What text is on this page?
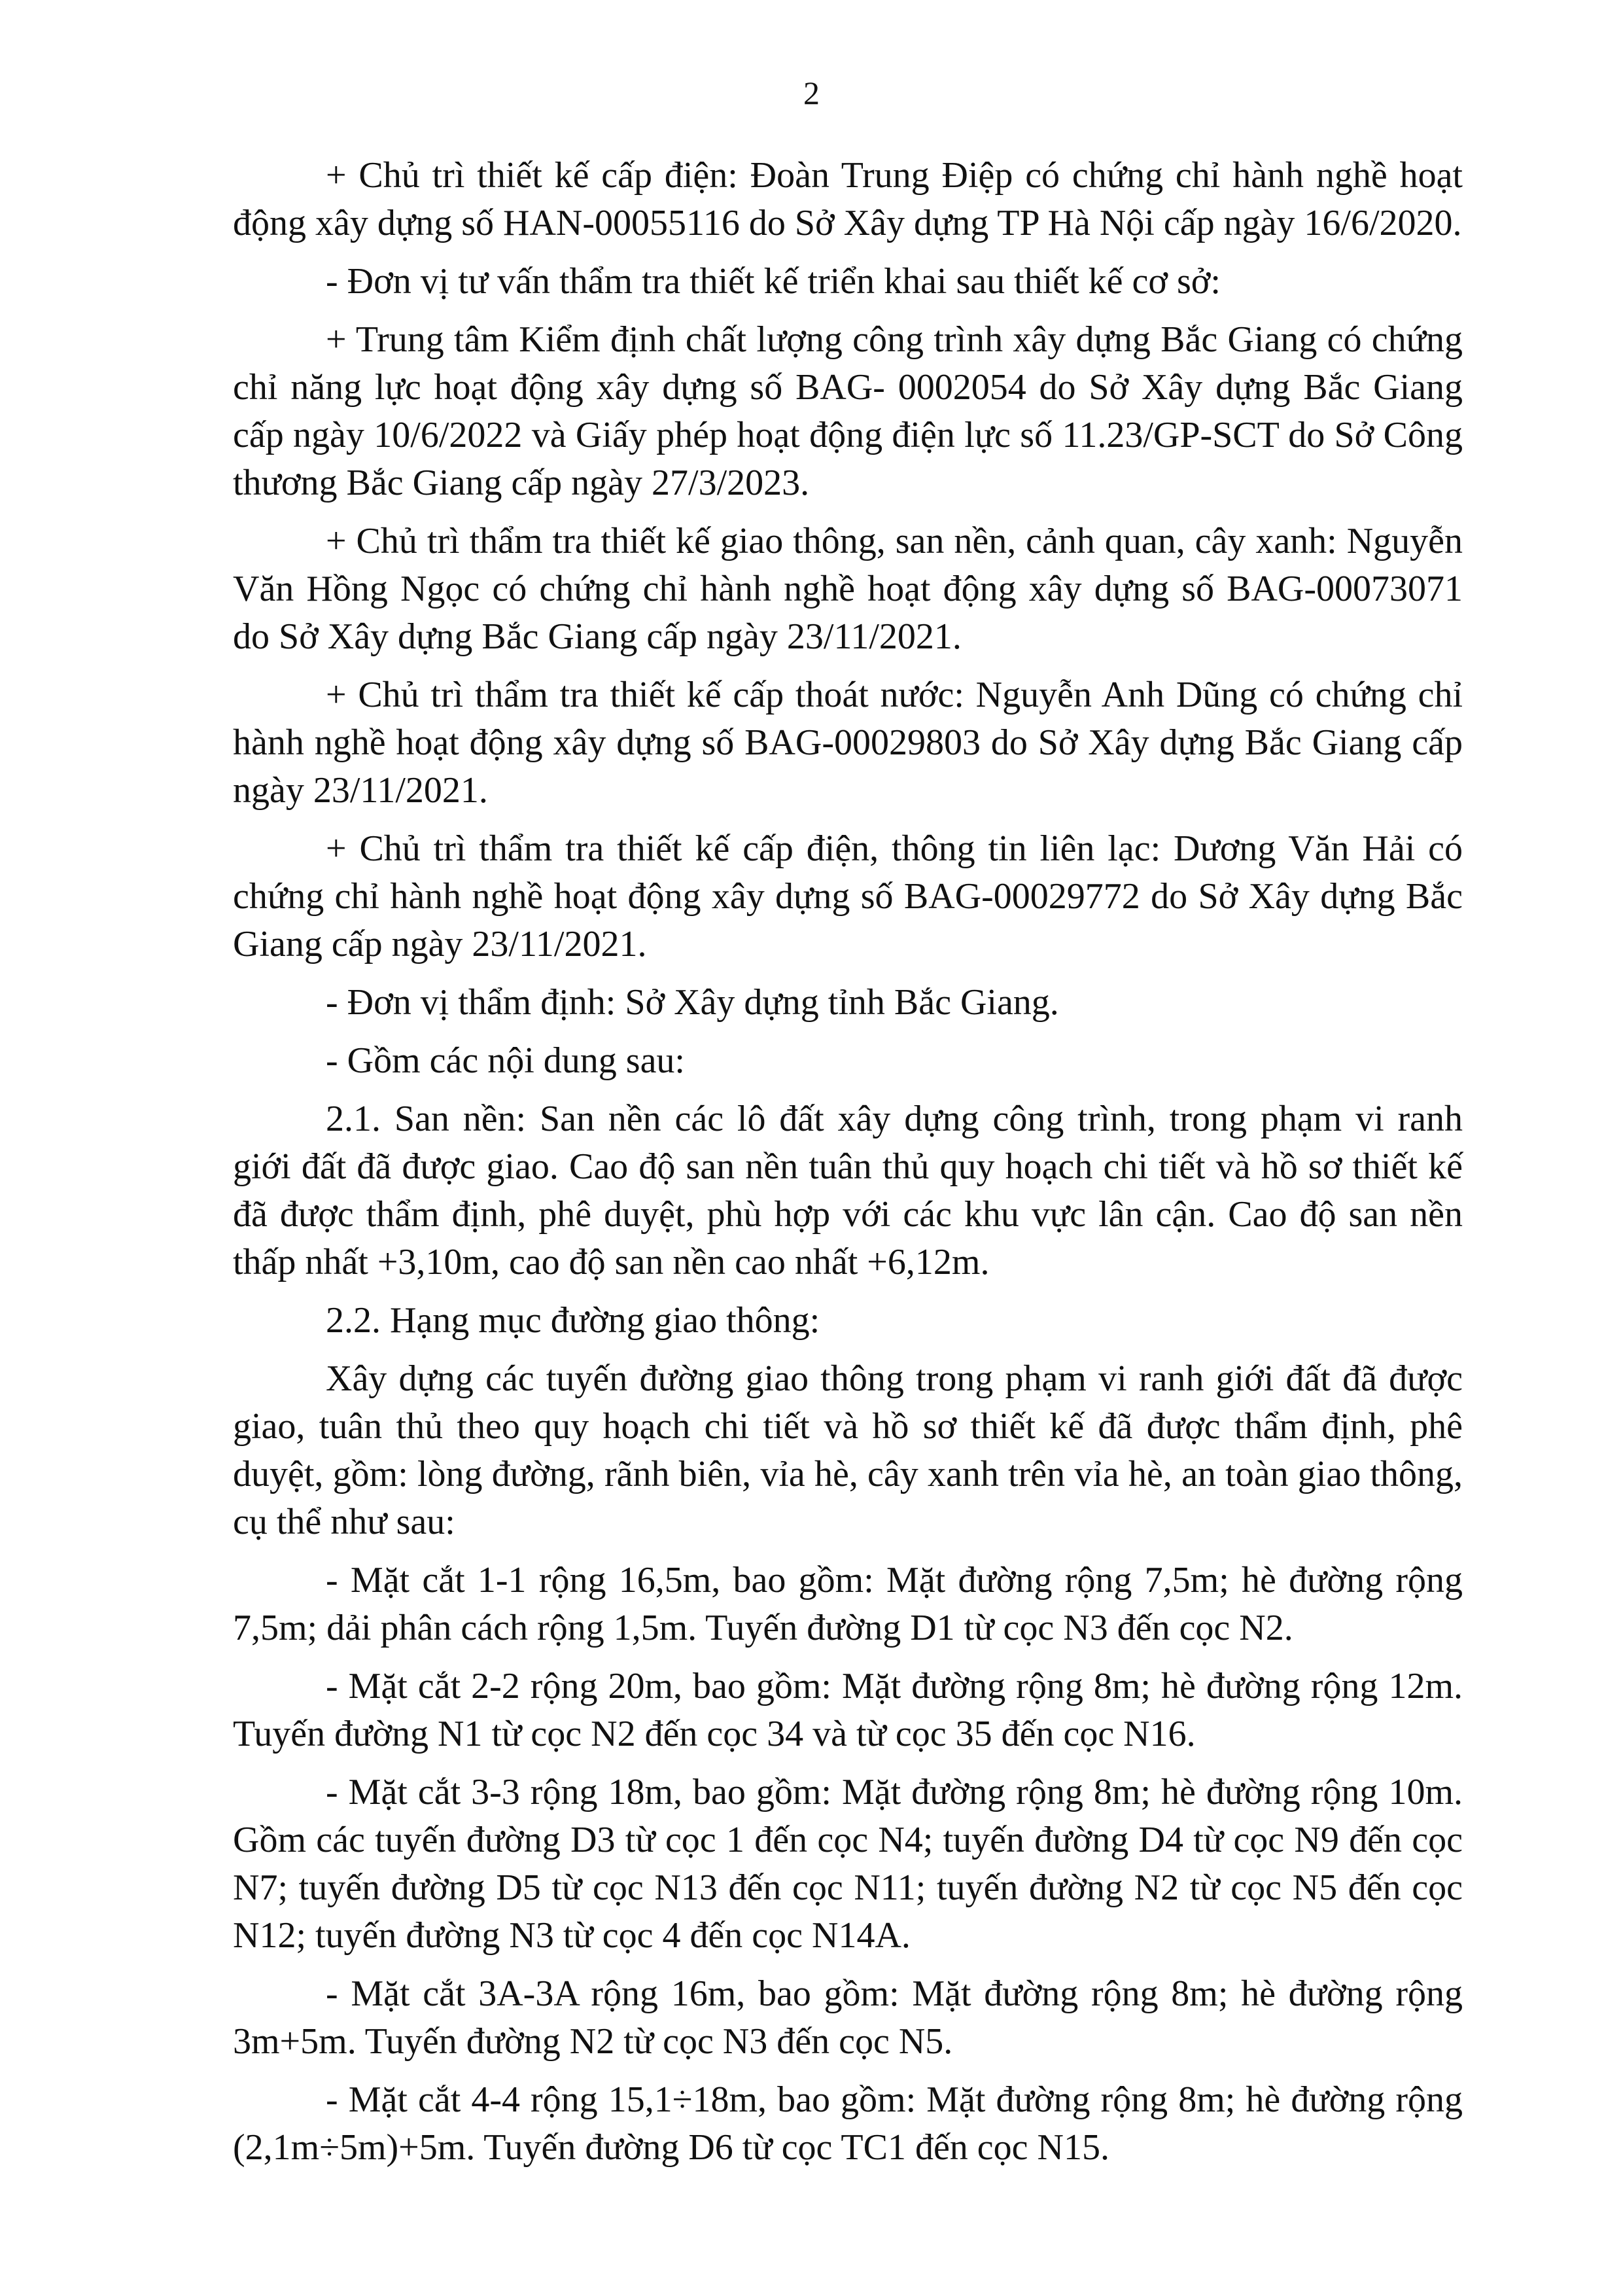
2

+ Chủ trì thiết kế cấp điện: Đoàn Trung Điệp có chứng chỉ hành nghề hoạt động xây dựng số HAN-00055116 do Sở Xây dựng TP Hà Nội cấp ngày 16/6/2020.

- Đơn vị tư vấn thẩm tra thiết kế triển khai sau thiết kế cơ sở:

+ Trung tâm Kiểm định chất lượng công trình xây dựng Bắc Giang có chứng chỉ năng lực hoạt động xây dựng số BAG- 0002054 do Sở Xây dựng Bắc Giang cấp ngày 10/6/2022 và Giấy phép hoạt động điện lực số 11.23/GP-SCT do Sở Công thương Bắc Giang cấp ngày 27/3/2023.

+ Chủ trì thẩm tra thiết kế giao thông, san nền, cảnh quan, cây xanh: Nguyễn Văn Hồng Ngọc có chứng chỉ hành nghề hoạt động xây dựng số BAG-00073071 do Sở Xây dựng Bắc Giang cấp ngày 23/11/2021.

+ Chủ trì thẩm tra thiết kế cấp thoát nước: Nguyễn Anh Dũng có chứng chỉ hành nghề hoạt động xây dựng số BAG-00029803 do Sở Xây dựng Bắc Giang cấp ngày 23/11/2021.

+ Chủ trì thẩm tra thiết kế cấp điện, thông tin liên lạc: Dương Văn Hải có chứng chỉ hành nghề hoạt động xây dựng số BAG-00029772 do Sở Xây dựng Bắc Giang cấp ngày 23/11/2021.

- Đơn vị thẩm định: Sở Xây dựng tỉnh Bắc Giang.

- Gồm các nội dung sau:

2.1. San nền: San nền các lô đất xây dựng công trình, trong phạm vi ranh giới đất đã được giao. Cao độ san nền tuân thủ quy hoạch chi tiết và hồ sơ thiết kế đã được thẩm định, phê duyệt, phù hợp với các khu vực lân cận. Cao độ san nền thấp nhất +3,10m, cao độ san nền cao nhất +6,12m.

2.2. Hạng mục đường giao thông:

Xây dựng các tuyến đường giao thông trong phạm vi ranh giới đất đã được giao, tuân thủ theo quy hoạch chi tiết và hồ sơ thiết kế đã được thẩm định, phê duyệt, gồm: lòng đường, rãnh biên, vỉa hè, cây xanh trên vỉa hè, an toàn giao thông, cụ thể như sau:

- Mặt cắt 1-1 rộng 16,5m, bao gồm: Mặt đường rộng 7,5m; hè đường rộng 7,5m; dải phân cách rộng 1,5m. Tuyến đường D1 từ cọc N3 đến cọc N2.

- Mặt cắt 2-2 rộng 20m, bao gồm: Mặt đường rộng 8m; hè đường rộng 12m. Tuyến đường N1 từ cọc N2 đến cọc 34 và từ cọc 35 đến cọc N16.

- Mặt cắt 3-3 rộng 18m, bao gồm: Mặt đường rộng 8m; hè đường rộng 10m. Gồm các tuyến đường D3 từ cọc 1 đến cọc N4; tuyến đường D4 từ cọc N9 đến cọc N7; tuyến đường D5 từ cọc N13 đến cọc N11; tuyến đường N2 từ cọc N5 đến cọc N12; tuyến đường N3 từ cọc 4 đến cọc N14A.

- Mặt cắt 3A-3A rộng 16m, bao gồm: Mặt đường rộng 8m; hè đường rộng 3m+5m. Tuyến đường N2 từ cọc N3 đến cọc N5.

- Mặt cắt 4-4 rộng 15,1÷18m, bao gồm: Mặt đường rộng 8m; hè đường rộng (2,1m÷5m)+5m. Tuyến đường D6 từ cọc TC1 đến cọc N15.
